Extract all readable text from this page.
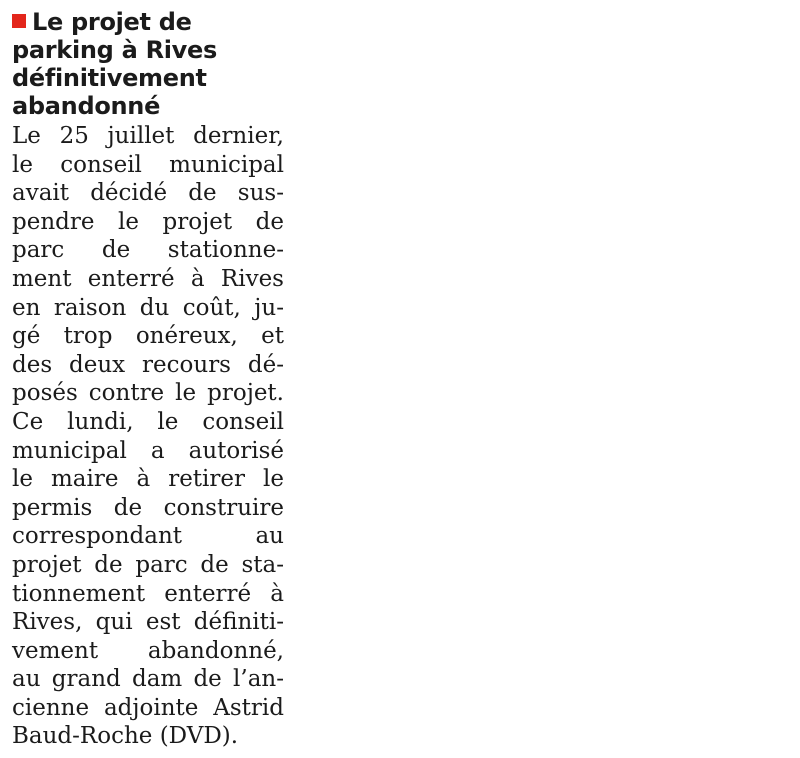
Le projet de parking à Rives définitivement abandonné
Le 25 juillet dernier,
le conseil municipal
avait décidé de sus-
pendre le projet de
parc de stationne-
ment enterré à Rives
en raison du coût, ju-
gé trop onéreux, et
des deux recours dé-
posés contre le projet.
Ce lundi, le conseil
municipal a autorisé
le maire à retirer le
permis de construire
correspondant au
projet de parc de sta-
tionnement enterré à
Rives, qui est définiti-
vement abandonné,
au grand dam de l’an-
cienne adjointe Astrid
Baud-Roche (DVD).
